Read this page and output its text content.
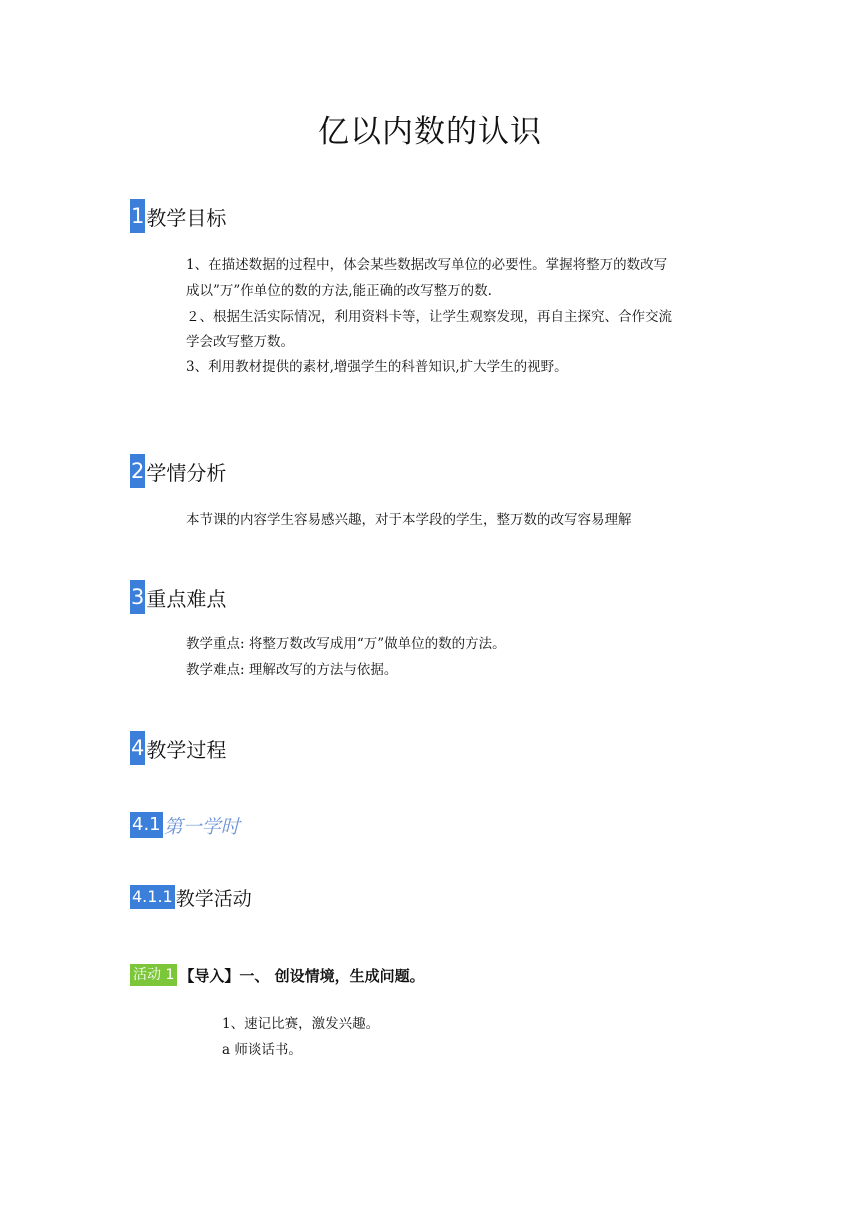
亿以内数的认识
1 教学目标
1、在描述数据的过程中，体会某些数据改写单位的必要性。掌握将整万的数改写
成以”万”作单位的数的方法,能正确的改写整万的数.
２、根据生活实际情况，利用资料卡等，让学生观察发现，再自主探究、合作交流
学会改写整万数。
3、利用教材提供的素材,增强学生的科普知识,扩大学生的视野。
2 学情分析
本节课的内容学生容易感兴趣，对于本学段的学生，整万数的改写容易理解
3 重点难点
教学重点: 将整万数改写成用“万”做单位的数的方法。
教学难点: 理解改写的方法与依据。
4 教学过程
4.1 第一学时
4.1.1 教学活动
活动 1 【导入】一、 创设情境，生成问题。
1、速记比赛，激发兴趣。
a 师谈话书。
